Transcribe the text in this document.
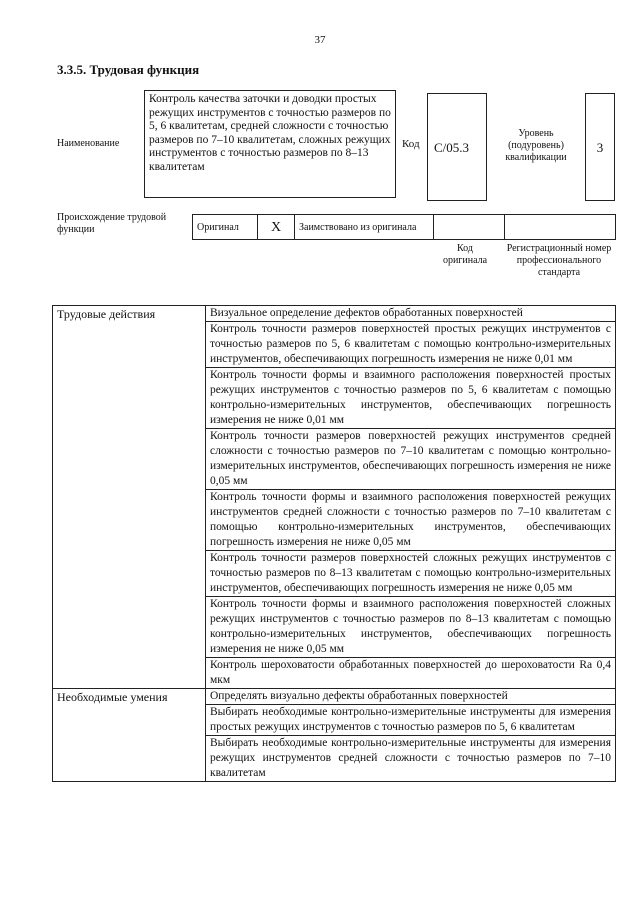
37
3.3.5. Трудовая функция
Наименование
Контроль качества заточки и доводки простых режущих инструментов с точностью размеров по 5, 6 квалитетам, средней сложности с точностью размеров по 7–10 квалитетам, сложных режущих инструментов с точностью размеров по 8–13 квалитетам
Код	C/05.3
Уровень (подуровень) квалификации
3
Происхождение трудовой функции	Оригинал	X	Заимствовано из оригинала		
Код оригинала
Регистрационный номер профессионального стандарта
Трудовые действия	Визуальное определение дефектов обработанных поверхностей
	Контроль точности размеров поверхностей простых режущих инструментов с точностью размеров по 5, 6 квалитетам с помощью контрольно-измерительных инструментов, обеспечивающих погрешность измерения не ниже 0,01 мм
	Контроль точности формы и взаимного расположения поверхностей простых режущих инструментов с точностью размеров по 5, 6 квалитетам с помощью контрольно-измерительных инструментов, обеспечивающих погрешность измерения не ниже 0,01 мм
	Контроль точности размеров поверхностей режущих инструментов средней сложности с точностью размеров по 7–10 квалитетам с помощью контрольно-измерительных инструментов, обеспечивающих погрешность измерения не ниже 0,05 мм
	Контроль точности формы и взаимного расположения поверхностей режущих инструментов средней сложности с точностью размеров по 7–10 квалитетам с помощью контрольно-измерительных инструментов, обеспечивающих погрешность измерения не ниже 0,05 мм
	Контроль точности размеров поверхностей сложных режущих инструментов с точностью размеров по 8–13 квалитетам с помощью контрольно-измерительных инструментов, обеспечивающих погрешность измерения не ниже 0,05 мм
	Контроль точности формы и взаимного расположения поверхностей сложных режущих инструментов с точностью размеров по 8–13 квалитетам с помощью контрольно-измерительных инструментов, обеспечивающих погрешность измерения не ниже 0,05 мм
	Контроль шероховатости обработанных поверхностей до шероховатости Ra 0,4 мкм
Необходимые умения	Определять визуально дефекты обработанных поверхностей
	Выбирать необходимые контрольно-измерительные инструменты для измерения простых режущих инструментов с точностью размеров по 5, 6 квалитетам
	Выбирать необходимые контрольно-измерительные инструменты для измерения режущих инструментов средней сложности с точностью размеров по 7–10 квалитетам
